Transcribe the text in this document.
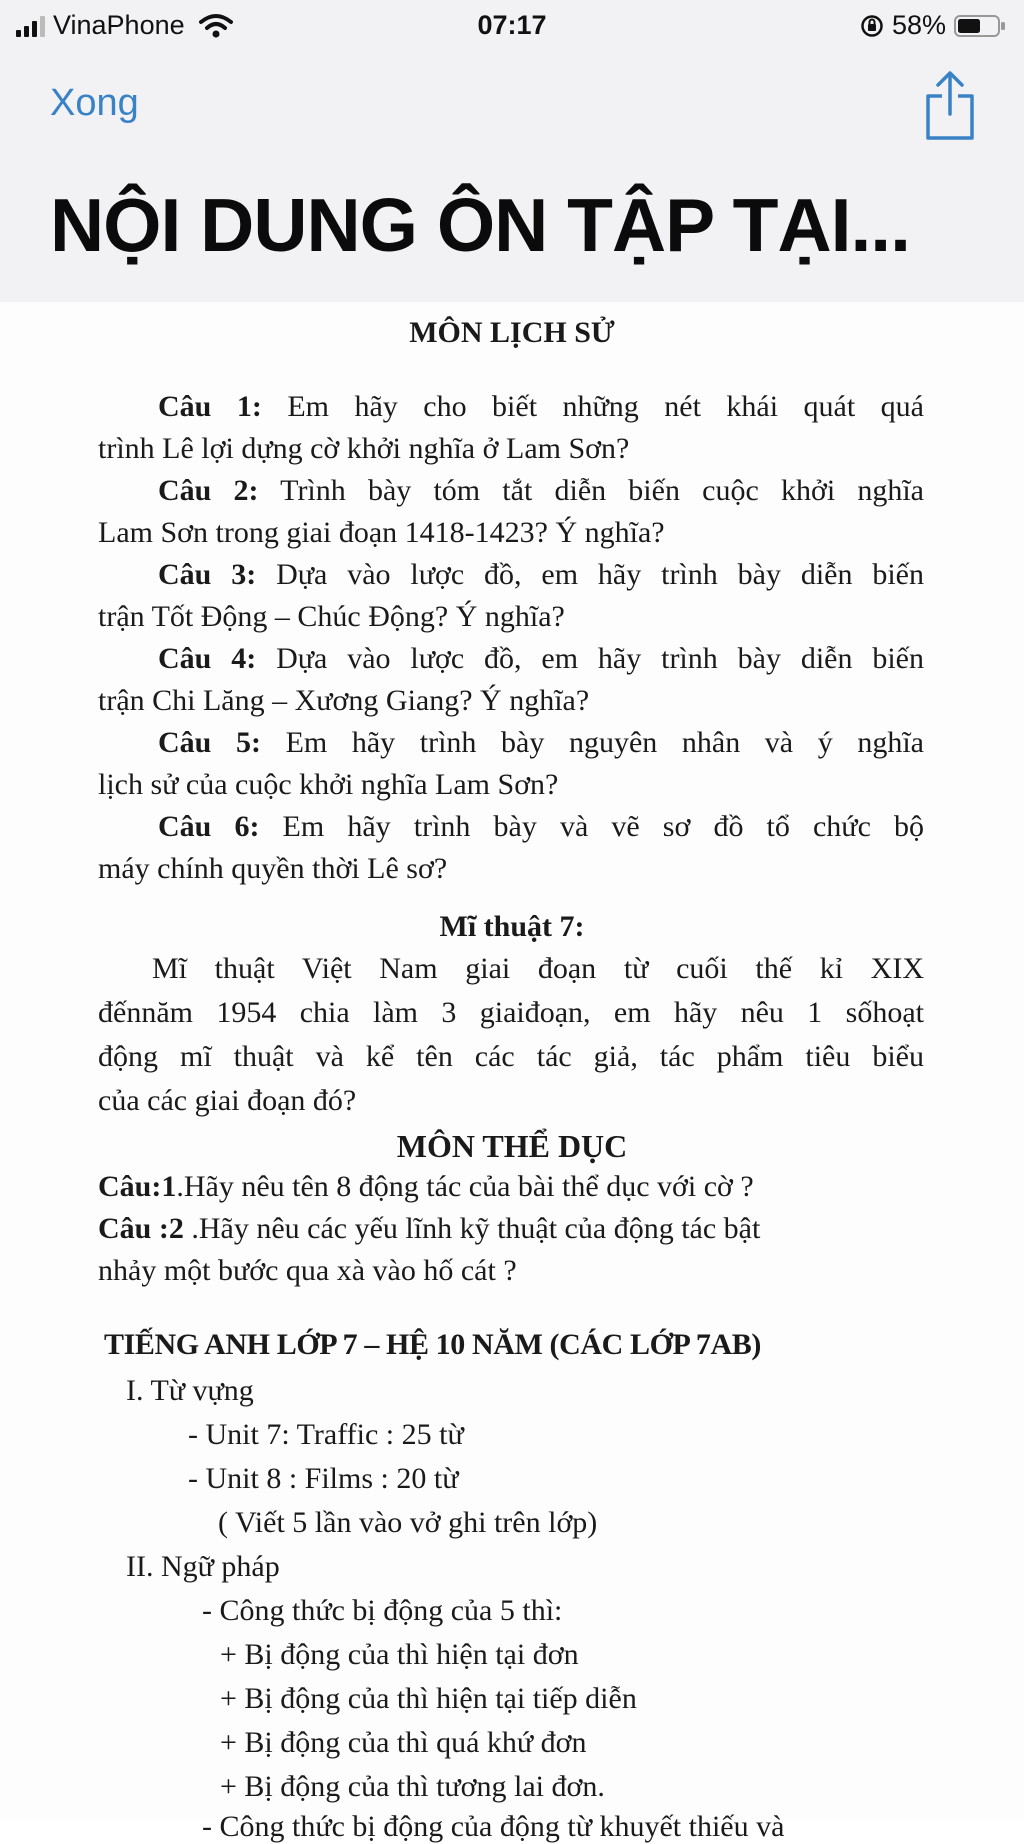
VinaPhone	07:17	58%
Xong
NỘI DUNG ÔN TẬP TẠI...
MÔN LỊCH SỬ
Câu 1: Em hãy cho biết những nét khái quát quá
trình Lê lợi dựng cờ khởi nghĩa ở Lam Sơn?
Câu 2: Trình bày tóm tắt diễn biến cuộc khởi nghĩa
Lam Sơn trong giai đoạn 1418-1423? Ý nghĩa?
Câu 3: Dựa vào lược đồ, em hãy trình bày diễn biến
trận Tốt Động – Chúc Động? Ý nghĩa?
Câu 4: Dựa vào lược đồ, em hãy trình bày diễn biến
trận Chi Lăng – Xương Giang? Ý nghĩa?
Câu 5: Em hãy trình bày nguyên nhân và ý nghĩa
lịch sử của cuộc khởi nghĩa Lam Sơn?
Câu 6: Em hãy trình bày và vẽ sơ đồ tổ chức bộ
máy chính quyền thời Lê sơ?
Mĩ thuật 7:
Mĩ thuật Việt Nam giai đoạn từ cuối thế kỉ XIX
đếnnăm 1954 chia làm 3 giaiđoạn, em hãy nêu 1 sốhoạt
động mĩ thuật và kể tên các tác giả, tác phẩm tiêu biểu
của các giai đoạn đó?
MÔN THỂ DỤC
Câu:1.Hãy nêu tên 8 động tác của bài thể dục với cờ ?
Câu :2 .Hãy nêu các yếu lĩnh kỹ thuật của động tác bật
nhảy một bước qua xà vào hố cát ?
TIẾNG ANH LỚP 7 – HỆ 10 NĂM (CÁC LỚP 7AB)
I. Từ vựng
- Unit 7: Traffic : 25 từ
- Unit 8 : Films : 20 từ
( Viết 5 lần vào vở ghi trên lớp)
II. Ngữ pháp
- Công thức bị động của 5 thì:
+ Bị động của thì hiện tại đơn
+ Bị động của thì hiện tại tiếp diễn
+ Bị động của thì quá khứ đơn
+ Bị động của thì tương lai đơn.
- Công thức bị động của động từ khuyết thiếu và
